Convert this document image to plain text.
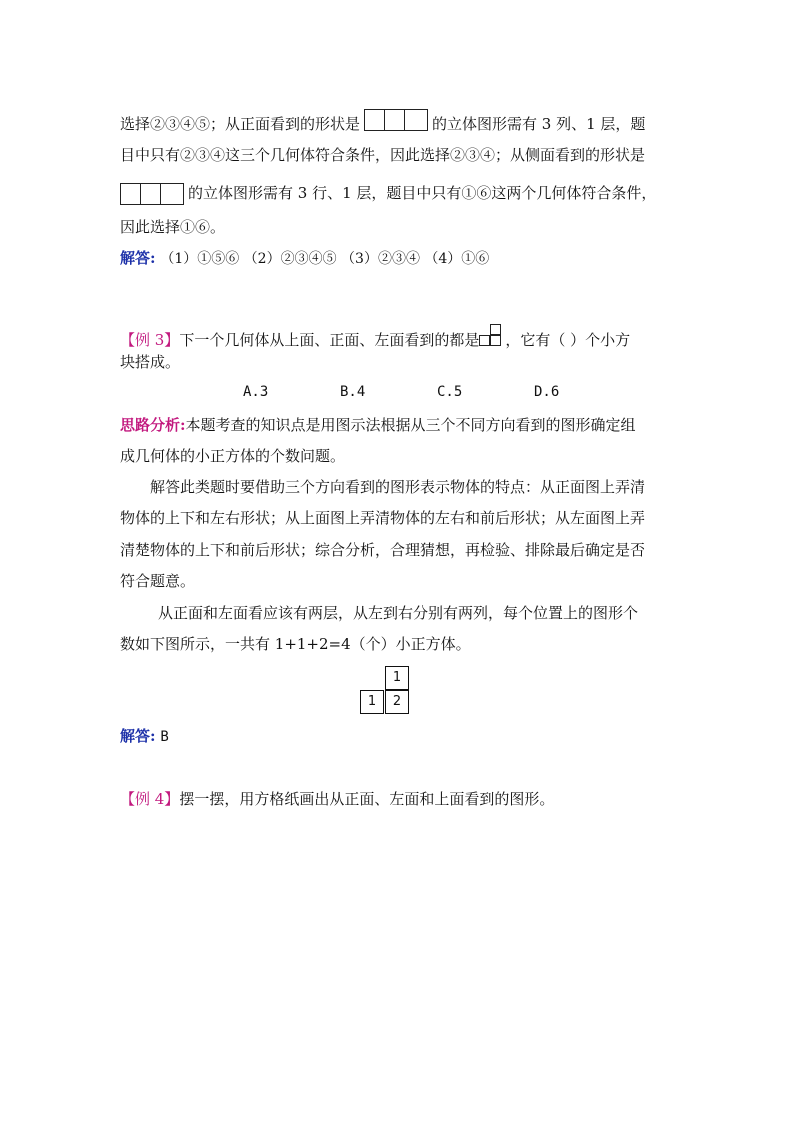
选择②③④⑤；从正面看到的形状是	的立体图形需有 3 列、1 层，题
目中只有②③④这三个几何体符合条件，因此选择②③④；从侧面看到的形状是
的立体图形需有 3 行、1 层，题目中只有①⑥这两个几何体符合条件，
因此选择①⑥。
解答: （1）①⑤⑥ （2）②③④⑤ （3）②③④ （4）①⑥
【例 3】下一个几何体从上面、正面、左面看到的都是 ，它有（ ）个小方
块搭成。
A.3	B.4	C.5	D.6
思路分析:本题考查的知识点是用图示法根据从三个不同方向看到的图形确定组
成几何体的小正方体的个数问题。
解答此类题时要借助三个方向看到的图形表示物体的特点：从正面图上弄清
物体的上下和左右形状；从上面图上弄清物体的左右和前后形状；从左面图上弄
清楚物体的上下和前后形状；综合分析，合理猜想，再检验、排除最后确定是否
符合题意。
从正面和左面看应该有两层，从左到右分别有两列，每个位置上的图形个
数如下图所示，一共有 1+1+2=4（个）小正方体。
1
1	2
解答: B
【例 4】摆一摆，用方格纸画出从正面、左面和上面看到的图形。
